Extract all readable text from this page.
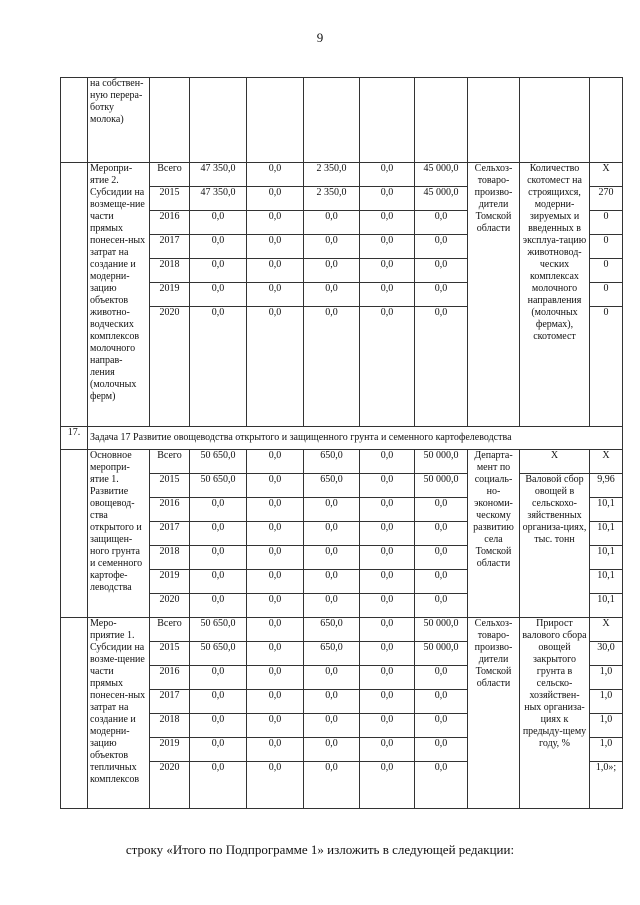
9
	на собствен-ную перера-ботку молока)									
	Меропри-ятие 2. Субсидии на возмеще-ние части прямых понесен-ных затрат на создание и модерни-зацию объектов животно-водческих комплексов молочного направ-ления (молочных ферм)	Всего	47 350,0	0,0	2 350,0	0,0	45 000,0	Сельхоз-товаро-произво-дители Томской области	Количество скотомест на строящихся, модерни-зируемых и введенных в эксплуа-тацию животновод-ческих комплексах молочного направления (молочных фермах), скотомест	Х
		2015	47 350,0	0,0	2 350,0	0,0	45 000,0			270
		2016	0,0	0,0	0,0	0,0	0,0			0
		2017	0,0	0,0	0,0	0,0	0,0			0
		2018	0,0	0,0	0,0	0,0	0,0			0
		2019	0,0	0,0	0,0	0,0	0,0			0
		2020	0,0	0,0	0,0	0,0	0,0			0
17.	Задача 17 Развитие овощеводства открытого и защищенного грунта и семенного картофелеводства									
	Основное меропри-ятие 1. Развитие овощевод-ства открытого и защищен-ного грунта и семенного картофе-леводства	Всего	50 650,0	0,0	650,0	0,0	50 000,0	Департа-мент по социаль-но-экономи-ческому развитию села Томской области	Х	Х
		2015	50 650,0	0,0	650,0	0,0	50 000,0		Валовой сбор овощей в сельскохо-зяйственных организа-циях, тыс. тонн	9,96
		2016	0,0	0,0	0,0	0,0	0,0			10,1
		2017	0,0	0,0	0,0	0,0	0,0			10,1
		2018	0,0	0,0	0,0	0,0	0,0			10,1
		2019	0,0	0,0	0,0	0,0	0,0			10,1
		2020	0,0	0,0	0,0	0,0	0,0			10,1
	Меро-приятие 1. Субсидии на возме-щение части прямых понесен-ных затрат на создание и модерни-зацию объектов тепличных комплексов	Всего	50 650,0	0,0	650,0	0,0	50 000,0	Сельхоз-товаро-произво-дители Томской области	Прирост валового сбора овощей закрытого грунта в сельско-хозяйствен-ных организа-циях к предыду-щему году, %	Х
		2015	50 650,0	0,0	650,0	0,0	50 000,0			30,0
		2016	0,0	0,0	0,0	0,0	0,0			1,0
		2017	0,0	0,0	0,0	0,0	0,0			1,0
		2018	0,0	0,0	0,0	0,0	0,0			1,0
		2019	0,0	0,0	0,0	0,0	0,0			1,0
		2020	0,0	0,0	0,0	0,0	0,0			1,0»;
строку «Итого по Подпрограмме 1» изложить в следующей редакции:
